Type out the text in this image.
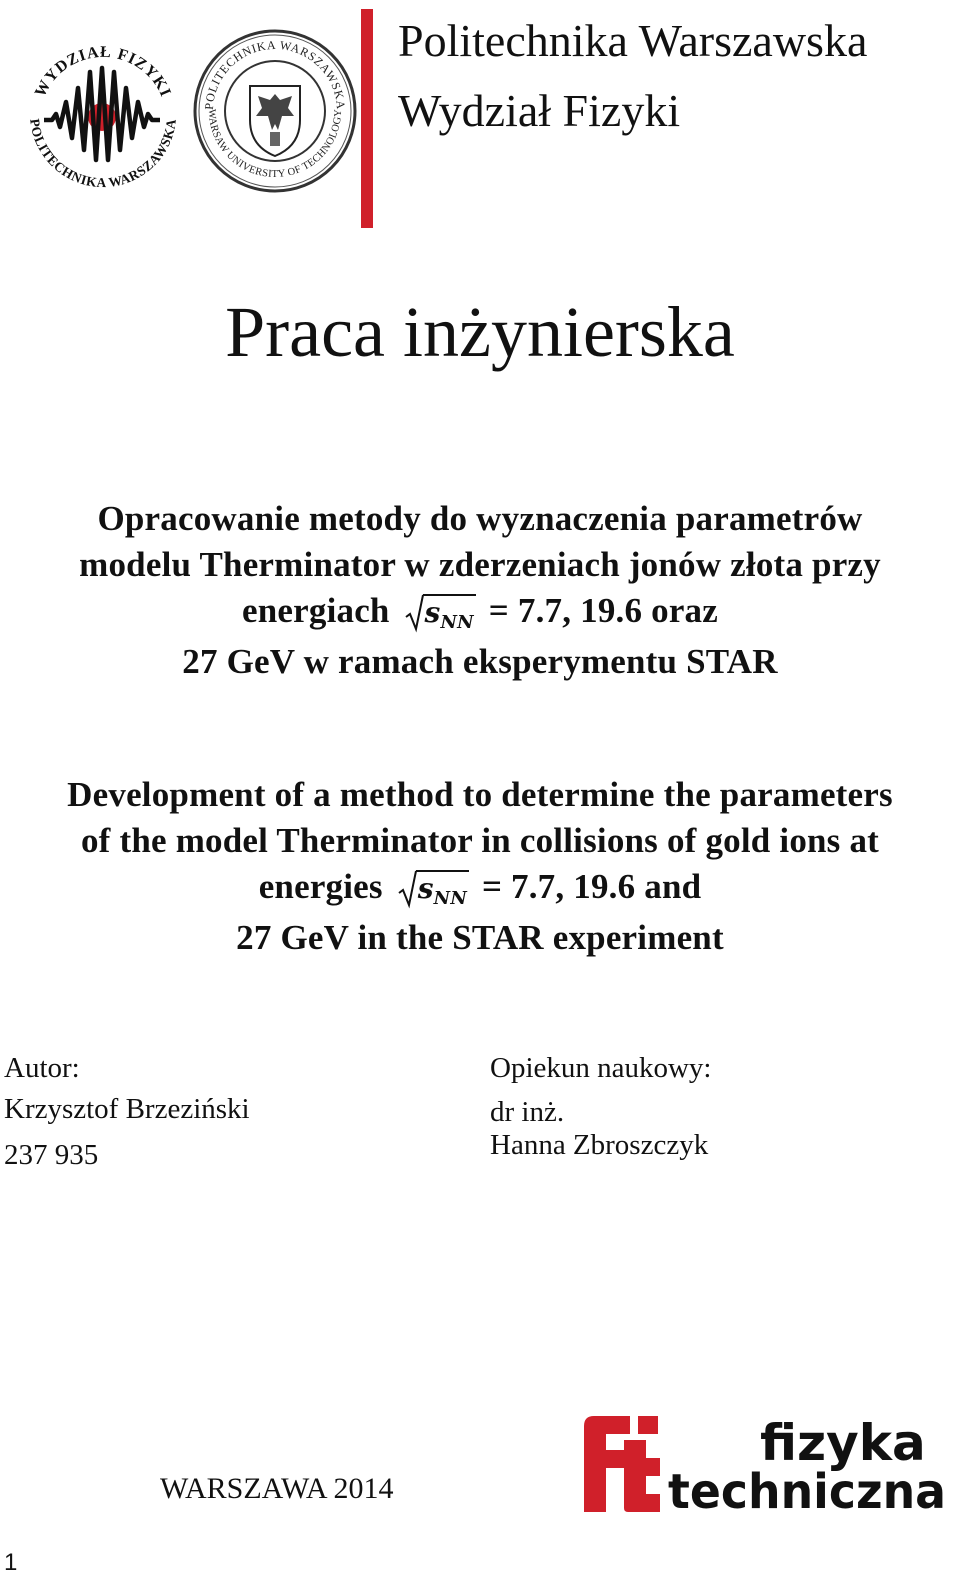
WYDZIAŁ FIZYKI
POLITECHNIKA WARSZAWSKA
POLITECHNIKA WARSZAWSKA
WARSAW UNIVERSITY OF TECHNOLOGY
Politechnika Warszawska
Wydział Fizyki
Praca inżynierska
Opracowanie metody do wyznaczenia parametrów
modelu Therminator w zderzeniach jonów złota przy
energiach $s_{NN} = 7.7$, 19.6 oraz
27 GeV w ramach eksperymentu STAR
Development of a method to determine the parameters
of the model Therminator in collisions of gold ions at
energies $s_{NN} = 7.7$, 19.6 and
27 GeV in the STAR experiment
Autor:
Krzysztof Brzeziński
237 935
Opiekun naukowy:
dr inż.
Hanna Zbroszczyk
WARSZAWA 2014
fizyka
techniczna
1
